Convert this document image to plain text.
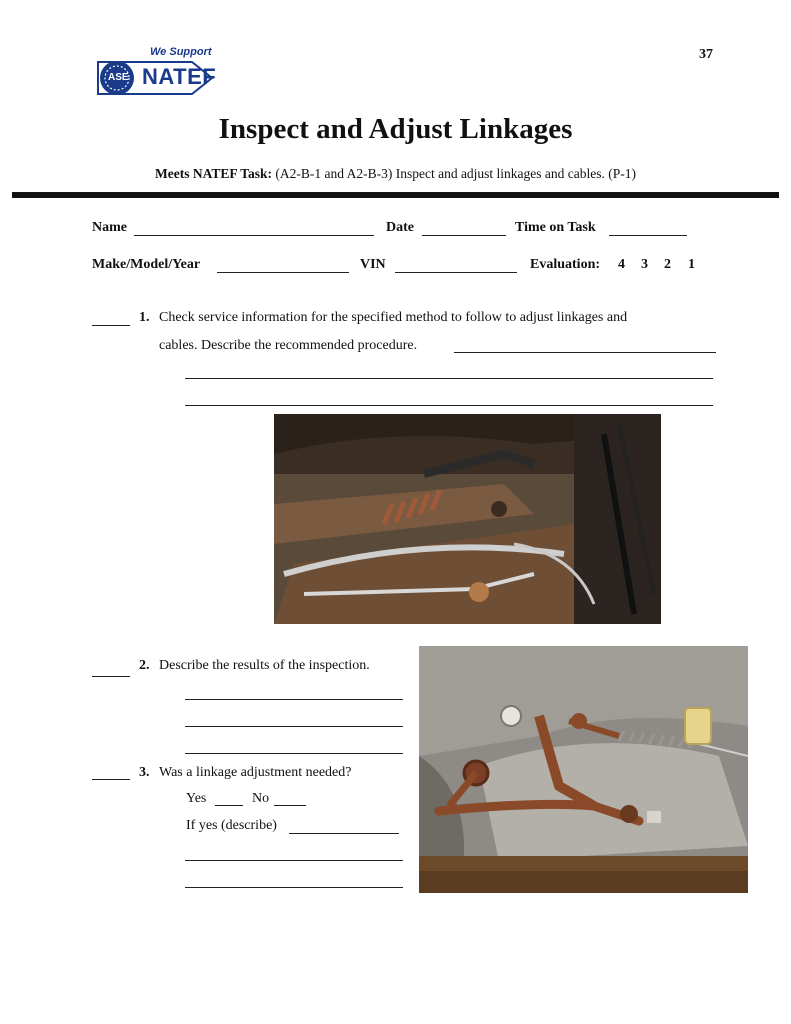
We Support
ASE NATEF
37
Inspect and Adjust Linkages
Meets NATEF Task: (A2-B-1 and A2-B-3) Inspect and adjust linkages and cables. (P-1)
Name	Date	Time on Task
Make/Model/Year	VIN	Evaluation: 4 3 2 1
1. Check service information for the specified method to follow to adjust linkages and
cables. Describe the recommended procedure.
2. Describe the results of the inspection.
3. Was a linkage adjustment needed?
Yes	No
If yes (describe)
